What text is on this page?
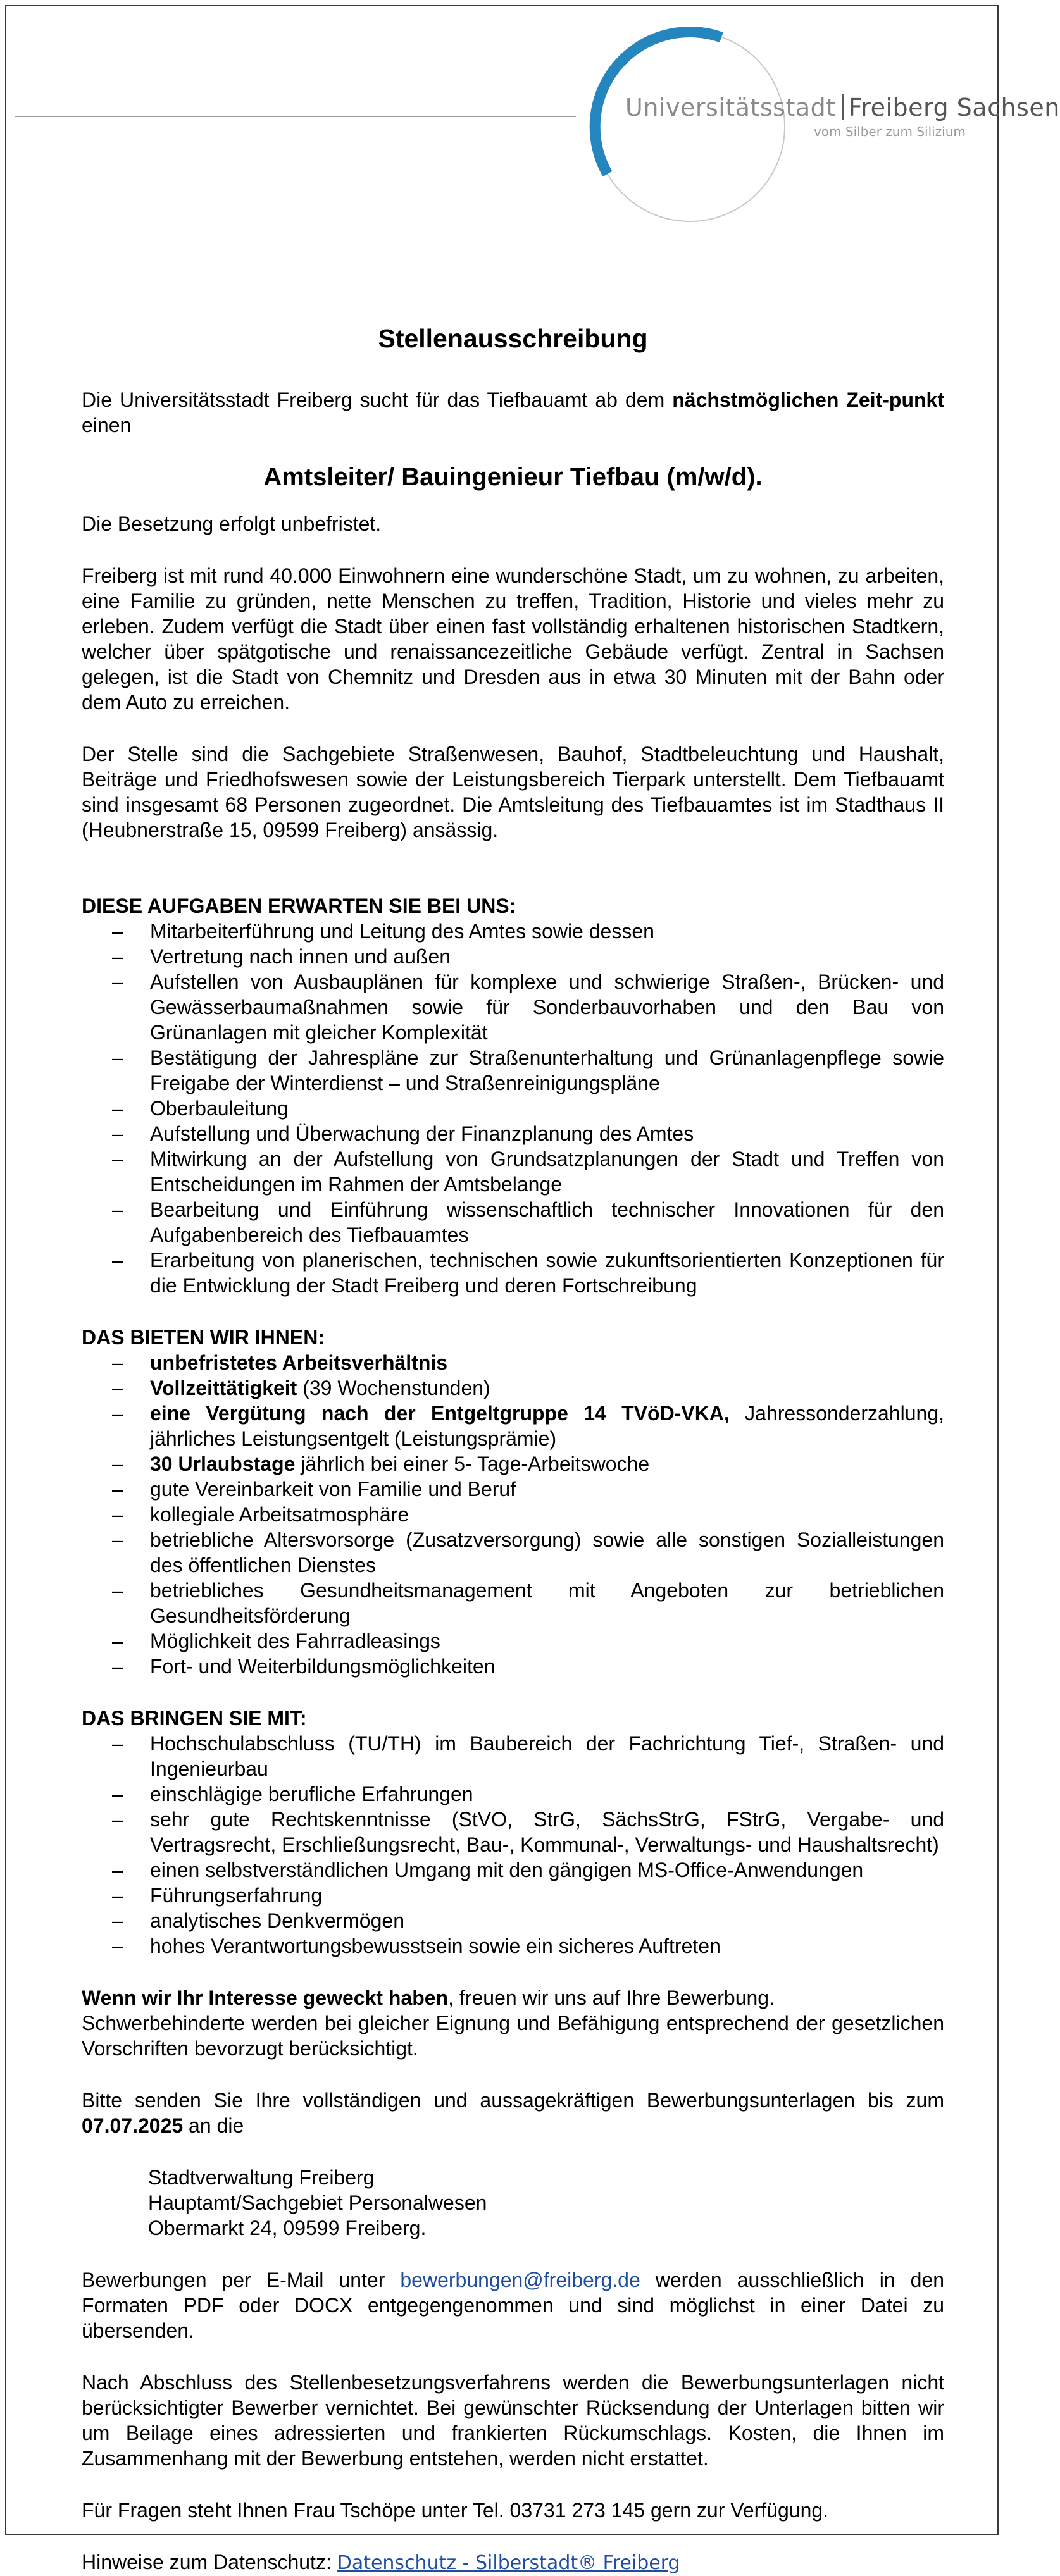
Universitätsstadt Freiberg Sachsen
vom Silber zum Silizium

Stellenausschreibung

Die Universitätsstadt Freiberg sucht für das Tiefbauamt ab dem nächstmöglichen Zeit-punkt einen

Amtsleiter/ Bauingenieur Tiefbau (m/w/d).

Die Besetzung erfolgt unbefristet.

Freiberg ist mit rund 40.000 Einwohnern eine wunderschöne Stadt, um zu wohnen, zu arbeiten, eine Familie zu gründen, nette Menschen zu treffen, Tradition, Historie und vieles mehr zu erleben. Zudem verfügt die Stadt über einen fast vollständig erhaltenen historischen Stadtkern, welcher über spätgotische und renaissancezeitliche Gebäude verfügt. Zentral in Sachsen gelegen, ist die Stadt von Chemnitz und Dresden aus in etwa 30 Minuten mit der Bahn oder dem Auto zu erreichen.

Der Stelle sind die Sachgebiete Straßenwesen, Bauhof, Stadtbeleuchtung und Haushalt, Beiträge und Friedhofswesen sowie der Leistungsbereich Tierpark unterstellt. Dem Tiefbauamt sind insgesamt 68 Personen zugeordnet. Die Amtsleitung des Tiefbauamtes ist im Stadthaus II (Heubnerstraße 15, 09599 Freiberg) ansässig.

DIESE AUFGABEN ERWARTEN SIE BEI UNS:

– Mitarbeiterführung und Leitung des Amtes sowie dessen
– Vertretung nach innen und außen
– Aufstellen von Ausbauplänen für komplexe und schwierige Straßen-, Brücken- und Gewässerbaumaßnahmen sowie für Sonderbauvorhaben und den Bau von Grünanlagen mit gleicher Komplexität
– Bestätigung der Jahrespläne zur Straßenunterhaltung und Grünanlagenpflege sowie Freigabe der Winterdienst – und Straßenreinigungspläne
– Oberbauleitung
– Aufstellung und Überwachung der Finanzplanung des Amtes
– Mitwirkung an der Aufstellung von Grundsatzplanungen der Stadt und Treffen von Entscheidungen im Rahmen der Amtsbelange
– Bearbeitung und Einführung wissenschaftlich technischer Innovationen für den Aufgabenbereich des Tiefbauamtes
– Erarbeitung von planerischen, technischen sowie zukunftsorientierten Konzeptionen für die Entwicklung der Stadt Freiberg und deren Fortschreibung

DAS BIETEN WIR IHNEN:

– unbefristetes Arbeitsverhältnis
– Vollzeittätigkeit (39 Wochenstunden)
– eine Vergütung nach der Entgeltgruppe 14 TVöD-VKA, Jahressonderzahlung, jährliches Leistungsentgelt (Leistungsprämie)
– 30 Urlaubstage jährlich bei einer 5- Tage-Arbeitswoche
– gute Vereinbarkeit von Familie und Beruf
– kollegiale Arbeitsatmosphäre
– betriebliche Altersvorsorge (Zusatzversorgung) sowie alle sonstigen Sozialleistungen des öffentlichen Dienstes
– betriebliches Gesundheitsmanagement mit Angeboten zur betrieblichen Gesundheitsförderung
– Möglichkeit des Fahrradleasings
– Fort- und Weiterbildungsmöglichkeiten

DAS BRINGEN SIE MIT:

– Hochschulabschluss (TU/TH) im Baubereich der Fachrichtung Tief-, Straßen- und Ingenieurbau
– einschlägige berufliche Erfahrungen
– sehr gute Rechtskenntnisse (StVO, StrG, SächsStrG, FStrG, Vergabe- und Vertragsrecht, Erschließungsrecht, Bau-, Kommunal-, Verwaltungs- und Haushaltsrecht)
– einen selbstverständlichen Umgang mit den gängigen MS-Office-Anwendungen
– Führungserfahrung
– analytisches Denkvermögen
– hohes Verantwortungsbewusstsein sowie ein sicheres Auftreten

Wenn wir Ihr Interesse geweckt haben, freuen wir uns auf Ihre Bewerbung.
Schwerbehinderte werden bei gleicher Eignung und Befähigung entsprechend der gesetzlichen Vorschriften bevorzugt berücksichtigt.

Bitte senden Sie Ihre vollständigen und aussagekräftigen Bewerbungsunterlagen bis zum 07.07.2025 an die

Stadtverwaltung Freiberg

Hauptamt/Sachgebiet Personalwesen

Obermarkt 24, 09599 Freiberg.

Bewerbungen per E-Mail unter bewerbungen@freiberg.de werden ausschließlich in den Formaten PDF oder DOCX entgegengenommen und sind möglichst in einer Datei zu übersenden.

Nach Abschluss des Stellenbesetzungsverfahrens werden die Bewerbungsunterlagen nicht berücksichtigter Bewerber vernichtet. Bei gewünschter Rücksendung der Unterlagen bitten wir um Beilage eines adressierten und frankierten Rückumschlags. Kosten, die Ihnen im Zusammenhang mit der Bewerbung entstehen, werden nicht erstattet.

Für Fragen steht Ihnen Frau Tschöpe unter Tel. 03731 273 145 gern zur Verfügung.

Hinweise zum Datenschutz: Datenschutz - Silberstadt® Freiberg
